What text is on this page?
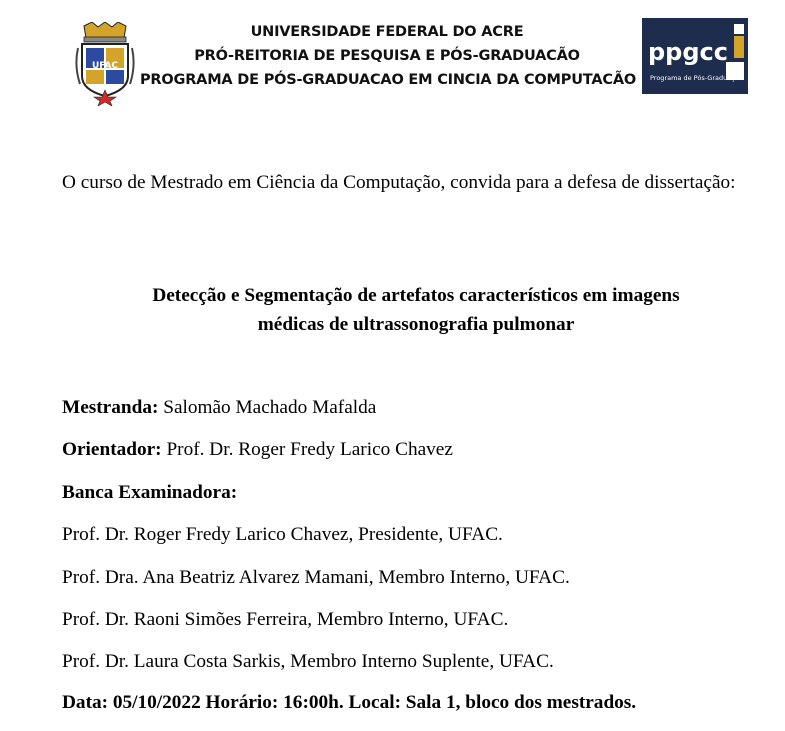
UFAC
UNIVERSIDADE FEDERAL DO ACRE
PRÓ-REITORIA DE PESQUISA E PÓS-GRADUACÃO
PROGRAMA DE PÓS-GRADUACAO EM CINCIA DA COMPUTACÃO
ppgcc
Programa de Pós-Graduação
O curso de Mestrado em Ciência da Computação, convida para a defesa de dissertação:
Detecção e Segmentação de artefatos característicos em imagens
médicas de ultrassonografia pulmonar
Mestranda: Salomão Machado Mafalda
Orientador: Prof. Dr. Roger Fredy Larico Chavez
Banca Examinadora:
Prof. Dr. Roger Fredy Larico Chavez, Presidente, UFAC.
Prof. Dra. Ana Beatriz Alvarez Mamani, Membro Interno, UFAC.
Prof. Dr. Raoni Simões Ferreira, Membro Interno, UFAC.
Prof. Dr. Laura Costa Sarkis, Membro Interno Suplente, UFAC.
Data: 05/10/2022 Horário: 16:00h. Local: Sala 1, bloco dos mestrados.
